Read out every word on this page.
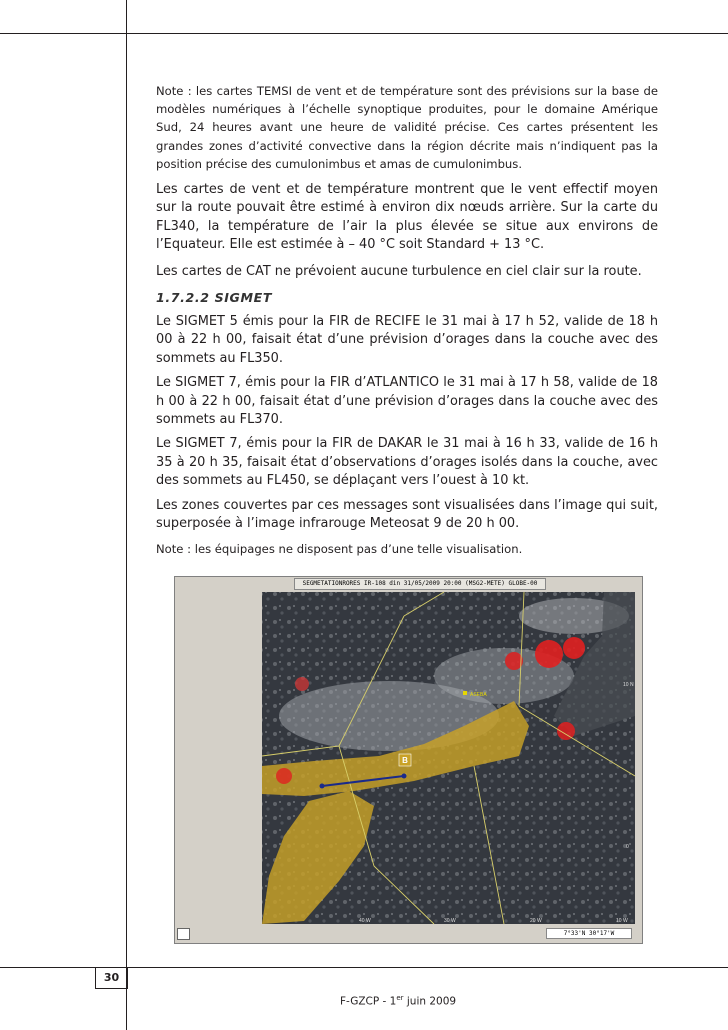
Note : les cartes TEMSI de vent et de température sont des prévisions sur la base de modèles numériques à l’échelle synoptique produites, pour le domaine Amérique Sud, 24 heures avant une heure de validité précise. Ces cartes présentent les grandes zones d’activité convective dans la région décrite mais n’indiquent pas la position précise des cumulonimbus et amas de cumulonimbus.

Les cartes de vent et de température montrent que le vent effectif moyen sur la route pouvait être estimé à environ dix nœuds arrière. Sur la carte du FL340, la température de l’air la plus élevée se situe aux environs de l’Equateur. Elle est estimée à – 40 °C soit Standard + 13 °C.

Les cartes de CAT ne prévoient aucune turbulence en ciel clair sur la route.

1.7.2.2 SIGMET

Le SIGMET 5 émis pour la FIR de RECIFE le 31 mai à 17 h 52, valide de 18 h 00 à 22 h 00, faisait état d’une prévision d’orages dans la couche avec des sommets au FL350.

Le SIGMET 7, émis pour la FIR d’ATLANTICO le 31 mai à 17 h 58, valide de 18 h 00 à 22 h 00, faisait état d’une prévision d’orages dans la couche avec des sommets au FL370.

Le SIGMET 7, émis pour la FIR de DAKAR le 31 mai à 16 h 33, valide de 16 h 35 à 20 h 35, faisait état d’observations d’orages isolés dans la couche, avec des sommets au FL450, se déplaçant vers l’ouest à 10 kt.

Les zones couvertes par ces messages sont visualisées dans l’image qui suit, superposée à l’image infrarouge Meteosat 9 de 20 h 00.

Note : les équipages ne disposent pas d’une telle visualisation.

SEGMETATIONRORES IR-108 din 31/05/2009 20:00 (MSG2-METE) GLOBE-00
B
ASEBA
40 W	30 W	20 W	10 W
10 N
0
7°33'N 30°17'W
30
F-GZCP - 1er juin 2009
